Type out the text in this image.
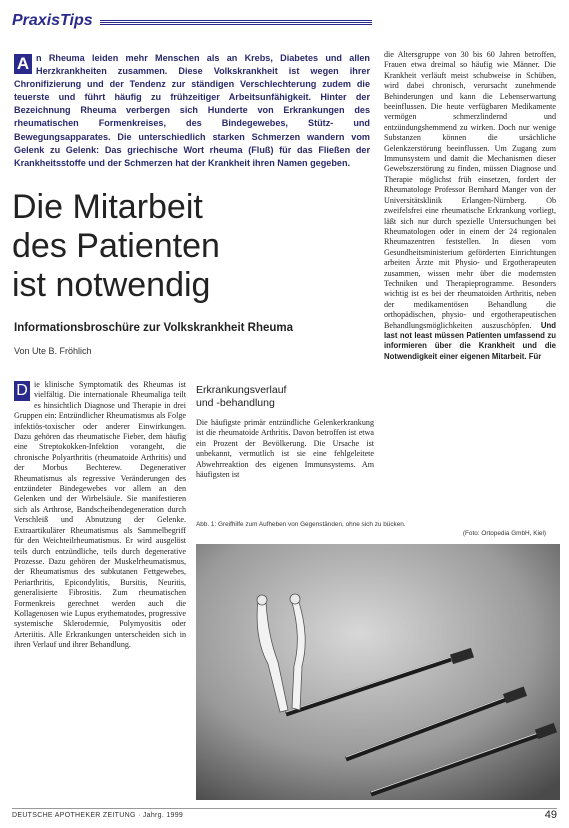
PraxisTips
A n Rheuma leiden mehr Menschen als an Krebs, Diabetes und allen Herzkrankheiten zusammen. Diese Volkskrankheit ist wegen ihrer Chronifizierung und der Tendenz zur ständigen Verschlechterung zudem die teuerste und führt häufig zu frühzeitiger Arbeitsunfähigkeit. Hinter der Bezeichnung Rheuma verbergen sich Hunderte von Erkrankungen des rheumatischen Formenkreises, des Bindegewebes, Stütz- und Bewegungsapparates. Die unterschiedlich starken Schmerzen wandern vom Gelenk zu Gelenk: Das griechische Wort rheuma (Fluß) für das Fließen der Krankheitsstoffe und der Schmerzen hat der Krankheit ihren Namen gegeben.
Die Mitarbeit
des Patienten
ist notwendig
Informationsbroschüre zur Volkskrankheit Rheuma
Von Ute B. Fröhlich
D ie klinische Symptomatik des Rheumas ist vielfältig. Die internationale Rheumaliga teilt es hinsichtlich Diagnose und Therapie in drei Gruppen ein: Entzündlicher Rheumatismus als Folge infektiös-toxischer oder anderer Einwirkungen. Dazu gehören das rheumatische Fieber, dem häufig eine Streptokokken-Infektion vorangeht, die chronische Polyarthritis (rheumatoide Arthritis) und der Morbus Bechterew. Degenerativer Rheumatismus als regressive Veränderungen des entzündeter Bindegewebes vor allem an den Gelenken und der Wirbelsäule. Sie manifestieren sich als Arthrose, Bandscheibendegeneration durch Verschleiß und Abnutzung der Gelenke. Extraartikulärer Rheumatismus als Sammelbegriff für den Weichteilrheumatismus. Er wird ausgelöst teils durch entzündliche, teils durch degenerative Prozesse. Dazu gehören der Muskelrheumatismus, der Rheumatismus des subkutanen Fettgewebes, Periarthritis, Epicondylitis, Bursitis, Neuritis, generalisierte Fibrositis. Zum rheumatischen Formenkreis gerechnet werden auch die Kollagenosen wie Lupus erythematodes, progressive systemische Sklerodermie, Polymyositis oder Arteriitis. Alle Erkrankungen unterscheiden sich in ihren Verlauf und ihrer Behandlung.
Erkrankungsverlauf
und -behandlung
Die häufigste primär entzündliche Gelenkerkrankung ist die rheumatoide Arthritis. Davon betroffen ist etwa ein Prozent der Bevölkerung. Die Ursache ist unbekannt, vermutlich ist sie eine fehlgeleitete Abwehrreaktion des eigenen Immunsystems. Am häufigsten ist
die Altersgruppe von 30 bis 60 Jahren betroffen, Frauen etwa dreimal so häufig wie Männer. Die Krankheit verläuft meist schubweise in Schüben, wird dabei chronisch, verursacht zunehmende Behinderungen und kann die Lebenserwartung beeinflussen. Die heute verfügbaren Medikamente vermögen schmerzlindernd und entzündungshemmend zu wirken. Doch nur wenige Substanzen können die ursächliche Gelenkzerstörung beeinflussen. Um Zugang zum Immunsystem und damit die Mechanismen dieser Gewebszerstörung zu finden, müssen Diagnose und Therapie möglichst früh einsetzen, fordert der Rheumatologe Professor Bernhard Manger von der Universitätsklinik Erlangen-Nürnberg. Ob zweifelsfrei eine rheumatische Erkrankung vorliegt, läßt sich nur durch spezielle Untersuchungen bei Rheumatologen oder in einem der 24 regionalen Rheumazentren feststellen. In diesen vom Gesundheitsministerium geförderten Einrichtungen arbeiten Ärzte mit Physio- und Ergotherapeuten zusammen, wissen mehr über die modernsten Techniken und Therapieprogramme. Besonders wichtig ist es bei der rheumatoiden Arthritis, neben der medikamentösen Behandlung die orthopädischen, physio- und ergotherapeutischen Behandlungsmöglichkeiten auszuschöpfen. Und last not least müssen Patienten umfassend zu informieren über die Krankheit und die Notwendigkeit einer eigenen Mitarbeit. Für
Abb. 1: Greifhilfe zum Aufheben von Gegenständen, ohne sich zu bücken.
(Foto: Ortopedia GmbH, Kiel)
DEUTSCHE APOTHEKER ZEITUNG · Jahrg. 1999	49
